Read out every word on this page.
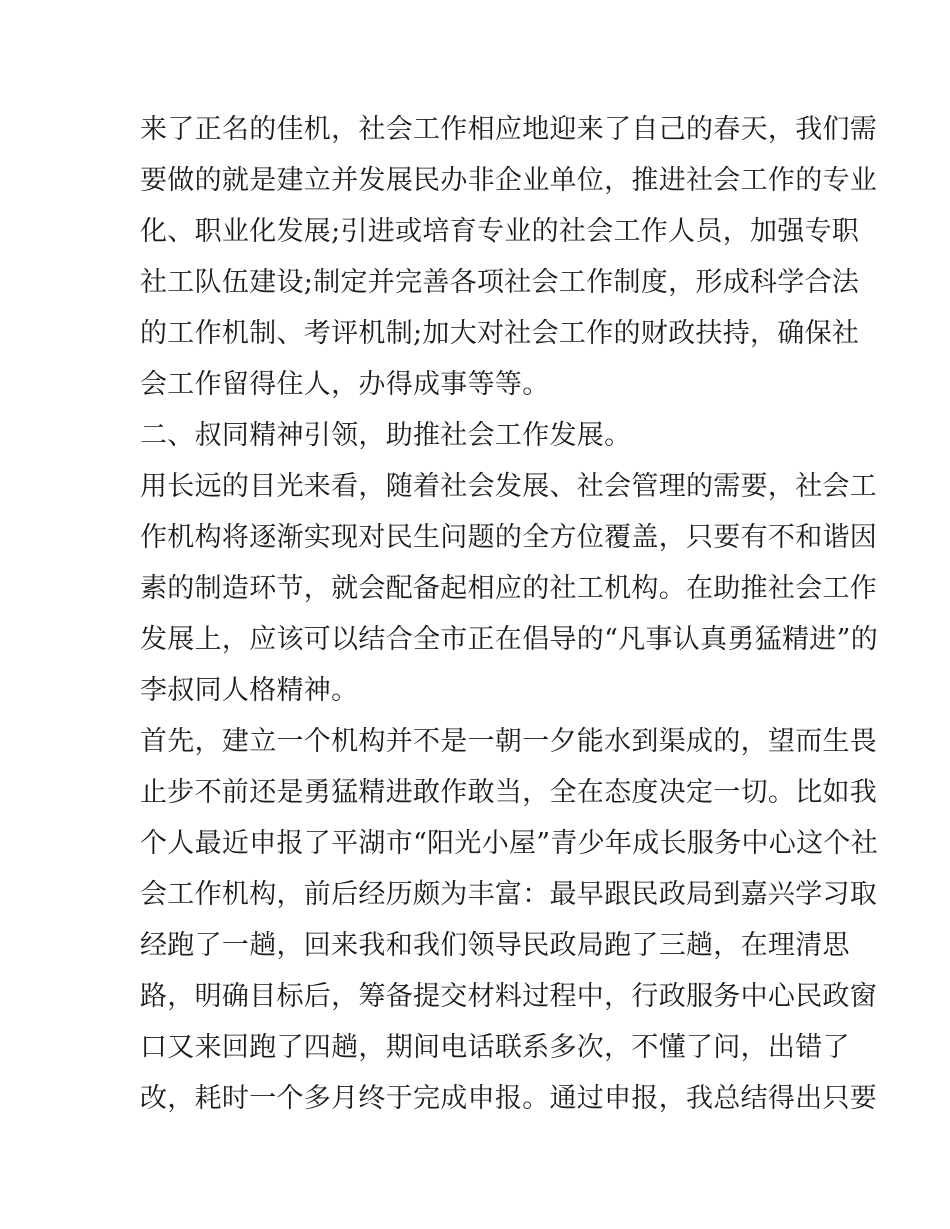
来了正名的佳机，社会工作相应地迎来了自己的春天，我们需
要做的就是建立并发展民办非企业单位，推进社会工作的专业
化、职业化发展;引进或培育专业的社会工作人员，加强专职
社工队伍建设;制定并完善各项社会工作制度，形成科学合法
的工作机制、考评机制;加大对社会工作的财政扶持，确保社
会工作留得住人，办得成事等等。
二、叔同精神引领，助推社会工作发展。
用长远的目光来看，随着社会发展、社会管理的需要，社会工
作机构将逐渐实现对民生问题的全方位覆盖，只要有不和谐因
素的制造环节，就会配备起相应的社工机构。在助推社会工作
发展上，应该可以结合全市正在倡导的“凡事认真勇猛精进”的
李叔同人格精神。
首先，建立一个机构并不是一朝一夕能水到渠成的，望而生畏
止步不前还是勇猛精进敢作敢当，全在态度决定一切。比如我
个人最近申报了平湖市“阳光小屋”青少年成长服务中心这个社
会工作机构，前后经历颇为丰富：最早跟民政局到嘉兴学习取
经跑了一趟，回来我和我们领导民政局跑了三趟，在理清思
路，明确目标后，筹备提交材料过程中，行政服务中心民政窗
口又来回跑了四趟，期间电话联系多次，不懂了问，出错了
改，耗时一个多月终于完成申报。通过申报，我总结得出只要
